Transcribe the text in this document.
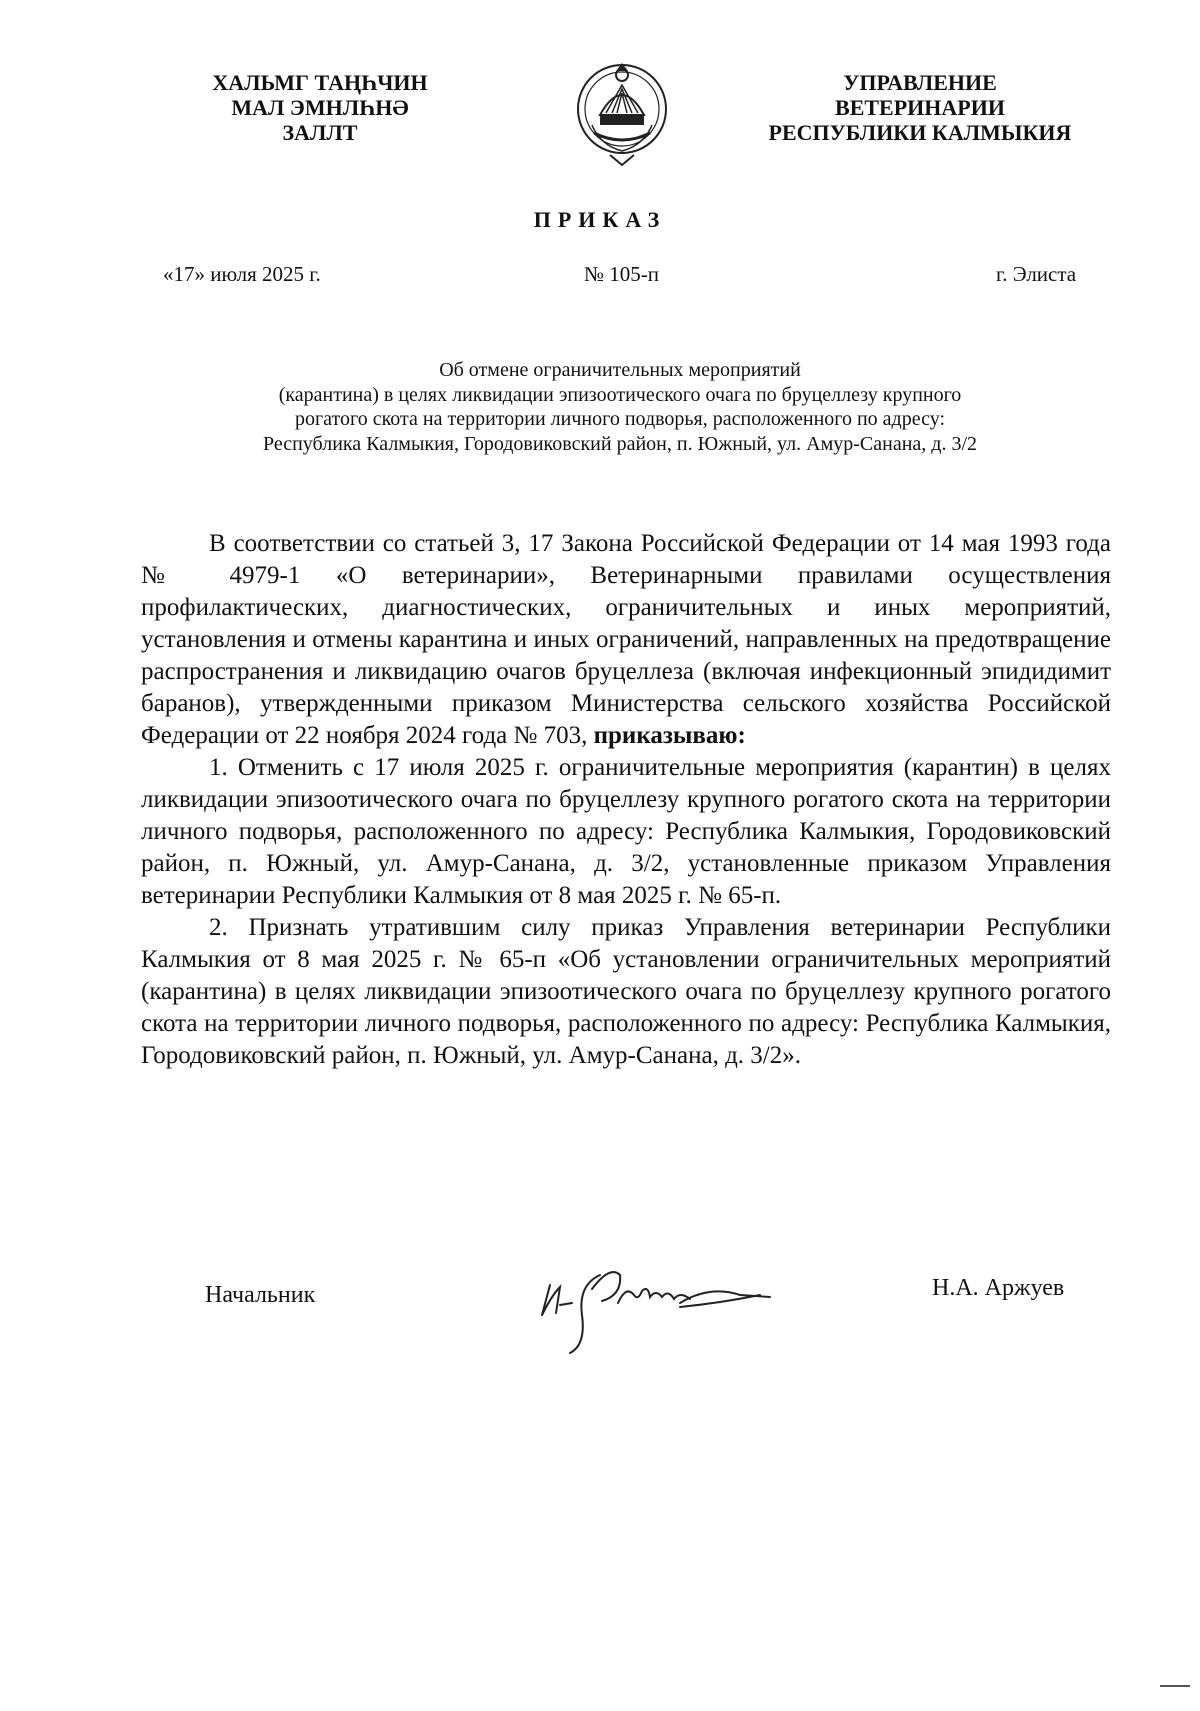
ХАЛЬМГ ТАҢҺЧИН
МАЛ ЭМНЛҺНӘ
ЗАЛЛТ
УПРАВЛЕНИЕ
ВЕТЕРИНАРИИ
РЕСПУБЛИКИ КАЛМЫКИЯ
ПРИКАЗ
«17» июля 2025 г.	№ 105-п	г. Элиста
Об отмене ограничительных мероприятий
(карантина) в целях ликвидации эпизоотического очага по бруцеллезу крупного
рогатого скота на территории личного подворья, расположенного по адресу:
Республика Калмыкия, Городовиковский район, п. Южный, ул. Амур-Санана, д. 3/2

В соответствии со статьей 3, 17 Закона Российской Федерации от 14 мая 1993 года № 4979-1 «О ветеринарии», Ветеринарными правилами осуществления профилактических, диагностических, ограничительных и иных мероприятий, установления и отмены карантина и иных ограничений, направленных на предотвращение распространения и ликвидацию очагов бруцеллеза (включая инфекционный эпидидимит баранов), утвержденными приказом Министерства сельского хозяйства Российской Федерации от 22 ноября 2024 года № 703, приказываю:

1. Отменить с 17 июля 2025 г. ограничительные мероприятия (карантин) в целях ликвидации эпизоотического очага по бруцеллезу крупного рогатого скота на территории личного подворья, расположенного по адресу: Республика Калмыкия, Городовиковский район, п. Южный, ул. Амур-Санана, д. 3/2, установленные приказом Управления ветеринарии Республики Калмыкия от 8 мая 2025 г. № 65-п.

2. Признать утратившим силу приказ Управления ветеринарии Республики Калмыкия от 8 мая 2025 г. № 65-п «Об установлении ограничительных мероприятий (карантина) в целях ликвидации эпизоотического очага по бруцеллезу крупного рогатого скота на территории личного подворья, расположенного по адресу: Республика Калмыкия, Городовиковский район, п. Южный, ул. Амур-Санана, д. 3/2».

Начальник	Н.А. Аржуев
